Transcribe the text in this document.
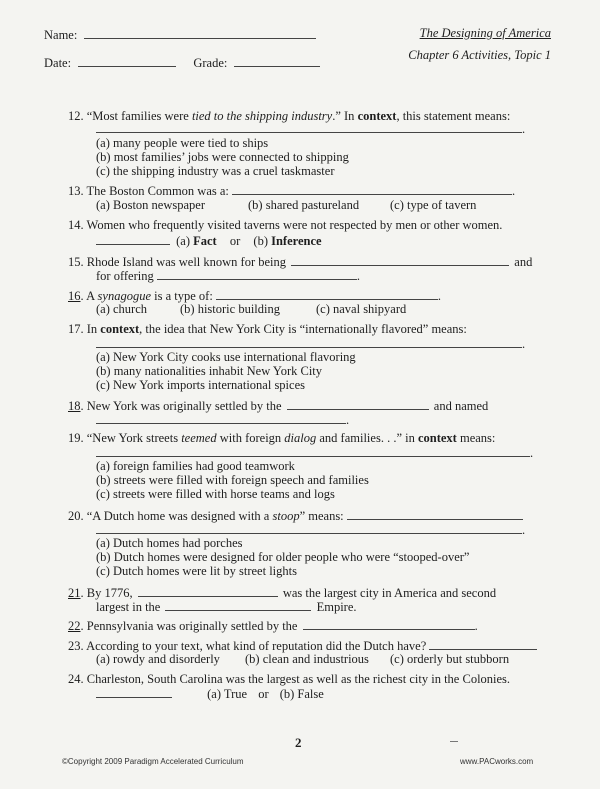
Name:
Date:	Grade:
The Designing of America
Chapter 6 Activities, Topic 1
12. “Most families were tied to the shipping industry.” In context, this statement means:
.
(a) many people were tied to ships
(b) most families’ jobs were connected to shipping
(c) the shipping industry was a cruel taskmaster
13. The Boston Common was a:	.
(a) Boston newspaper	(b) shared pastureland (c) type of tavern
14. Women who frequently visited taverns were not respected by men or other women.
(a) Fact or (b) Inference
15. Rhode Island was well known for being	and
for offering	.
16. A synagogue is a type of:	.
(a) church	(b) historic building	(c) naval shipyard
17. In context, the idea that New York City is “internationally flavored” means:
.
(a) New York City cooks use international flavoring
(b) many nationalities inhabit New York City
(c) New York imports international spices
18. New York was originally settled by the	and named
.
19. “New York streets teemed with foreign dialog and families. . .” in context means:
.
(a) foreign families had good teamwork
(b) streets were filled with foreign speech and families
(c) streets were filled with horse teams and logs
20. “A Dutch home was designed with a stoop” means:
.
(a) Dutch homes had porches
(b) Dutch homes were designed for older people who were “stooped-over”
(c) Dutch homes were lit by street lights
21. By 1776,	was the largest city in America and second
largest in the	Empire.
22. Pennsylvania was originally settled by the	.
23. According to your text, what kind of reputation did the Dutch have?
(a) rowdy and disorderly (b) clean and industrious (c) orderly but stubborn
24. Charleston, South Carolina was the largest as well as the richest city in the Colonies.
(a) True or (b) False
2
©Copyright 2009 Paradigm Accelerated Curriculum	www.PACworks.com
